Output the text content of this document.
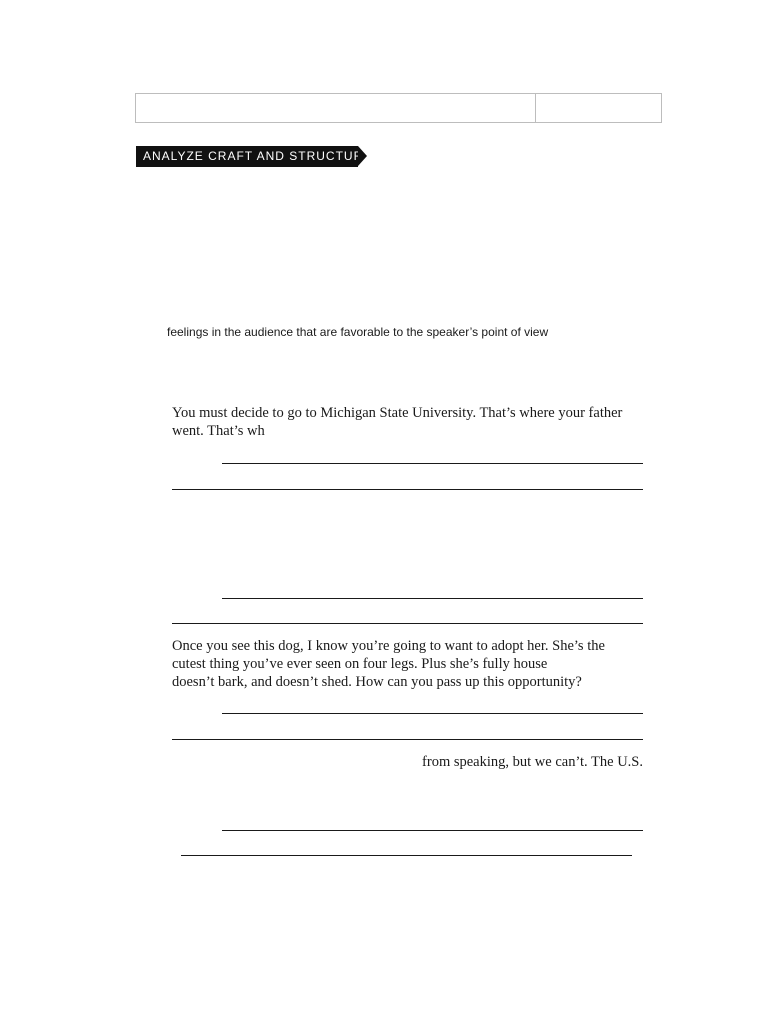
ANALYZE CRAFT AND STRUCTURE
feelings in the audience that are favorable to the speaker’s point of view
You must decide to go to Michigan State University. That’s where your father
went. That’s wh
Once you see this dog, I know you’re going to want to adopt her. She’s the
cutest thing you’ve ever seen on four legs. Plus she’s fully house
doesn’t bark, and doesn’t shed. How can you pass up this opportunity?
from speaking, but we can’t. The U.S.
